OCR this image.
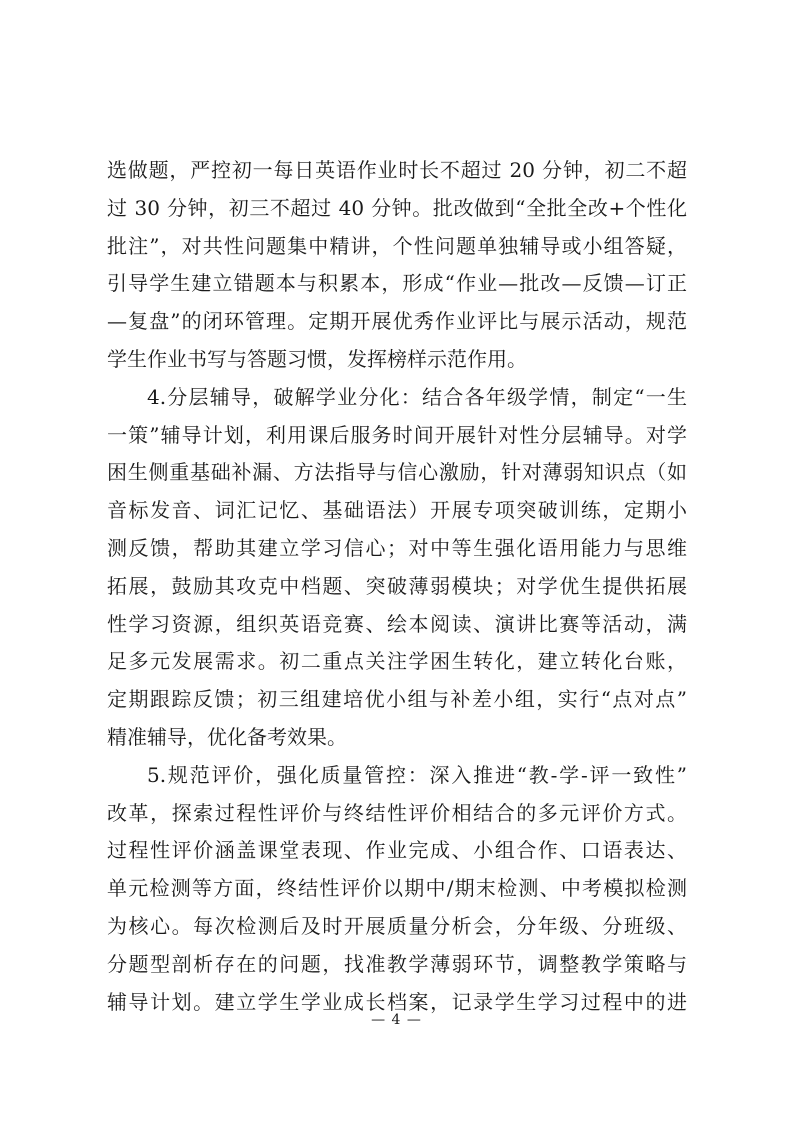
选做题，严控初一每日英语作业时长不超过 20 分钟，初二不超
过 30 分钟，初三不超过 40 分钟。批改做到“全批全改+个性化
批注”，对共性问题集中精讲，个性问题单独辅导或小组答疑，
引导学生建立错题本与积累本，形成“作业—批改—反馈—订正
—复盘”的闭环管理。定期开展优秀作业评比与展示活动，规范
学生作业书写与答题习惯，发挥榜样示范作用。
4.分层辅导，破解学业分化：结合各年级学情，制定“一生
一策”辅导计划，利用课后服务时间开展针对性分层辅导。对学
困生侧重基础补漏、方法指导与信心激励，针对薄弱知识点（如
音标发音、词汇记忆、基础语法）开展专项突破训练，定期小
测反馈，帮助其建立学习信心；对中等生强化语用能力与思维
拓展，鼓励其攻克中档题、突破薄弱模块；对学优生提供拓展
性学习资源，组织英语竞赛、绘本阅读、演讲比赛等活动，满
足多元发展需求。初二重点关注学困生转化，建立转化台账，
定期跟踪反馈；初三组建培优小组与补差小组，实行“点对点”
精准辅导，优化备考效果。
5.规范评价，强化质量管控：深入推进“教-学-评一致性”
改革，探索过程性评价与终结性评价相结合的多元评价方式。
过程性评价涵盖课堂表现、作业完成、小组合作、口语表达、
单元检测等方面，终结性评价以期中/期末检测、中考模拟检测
为核心。每次检测后及时开展质量分析会，分年级、分班级、
分题型剖析存在的问题，找准教学薄弱环节，调整教学策略与
辅导计划。建立学生学业成长档案，记录学生学习过程中的进
— 4 —
